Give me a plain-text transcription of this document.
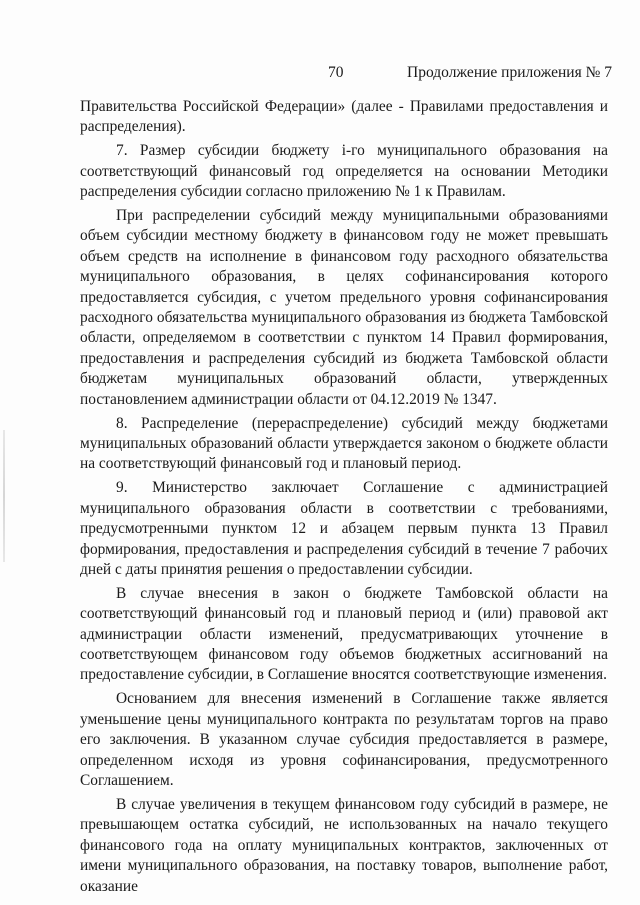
70	Продолжение приложения № 7

Правительства Российской Федерации» (далее - Правилами предоставления и распределения).

7. Размер субсидии бюджету i-го муниципального образования на соответствующий финансовый год определяется на основании Методики распределения субсидии согласно приложению № 1 к Правилам.

При распределении субсидий между муниципальными образованиями объем субсидии местному бюджету в финансовом году не может превышать объем средств на исполнение в финансовом году расходного обязательства муниципального образования, в целях софинансирования которого предоставляется субсидия, с учетом предельного уровня софинансирования расходного обязательства муниципального образования из бюджета Тамбовской области, определяемом в соответствии с пунктом 14 Правил формирования, предоставления и распределения субсидий из бюджета Тамбовской области бюджетам муниципальных образований области, утвержденных постановлением администрации области от 04.12.2019 № 1347.

8. Распределение (перераспределение) субсидий между бюджетами муниципальных образований области утверждается законом о бюджете области на соответствующий финансовый год и плановый период.

9. Министерство заключает Соглашение с администрацией муниципального образования области в соответствии с требованиями, предусмотренными пунктом 12 и абзацем первым пункта 13 Правил формирования, предоставления и распределения субсидий в течение 7 рабочих дней с даты принятия решения о предоставлении субсидии.

В случае внесения в закон о бюджете Тамбовской области на соответствующий финансовый год и плановый период и (или) правовой акт администрации области изменений, предусматривающих уточнение в соответствующем финансовом году объемов бюджетных ассигнований на предоставление субсидии, в Соглашение вносятся соответствующие изменения.

Основанием для внесения изменений в Соглашение также является уменьшение цены муниципального контракта по результатам торгов на право его заключения. В указанном случае субсидия предоставляется в размере, определенном исходя из уровня софинансирования, предусмотренного Соглашением.

В случае увеличения в текущем финансовом году субсидий в размере, не превышающем остатка субсидий, не использованных на начало текущего финансового года на оплату муниципальных контрактов, заключенных от имени муниципального образования, на поставку товаров, выполнение работ, оказание
